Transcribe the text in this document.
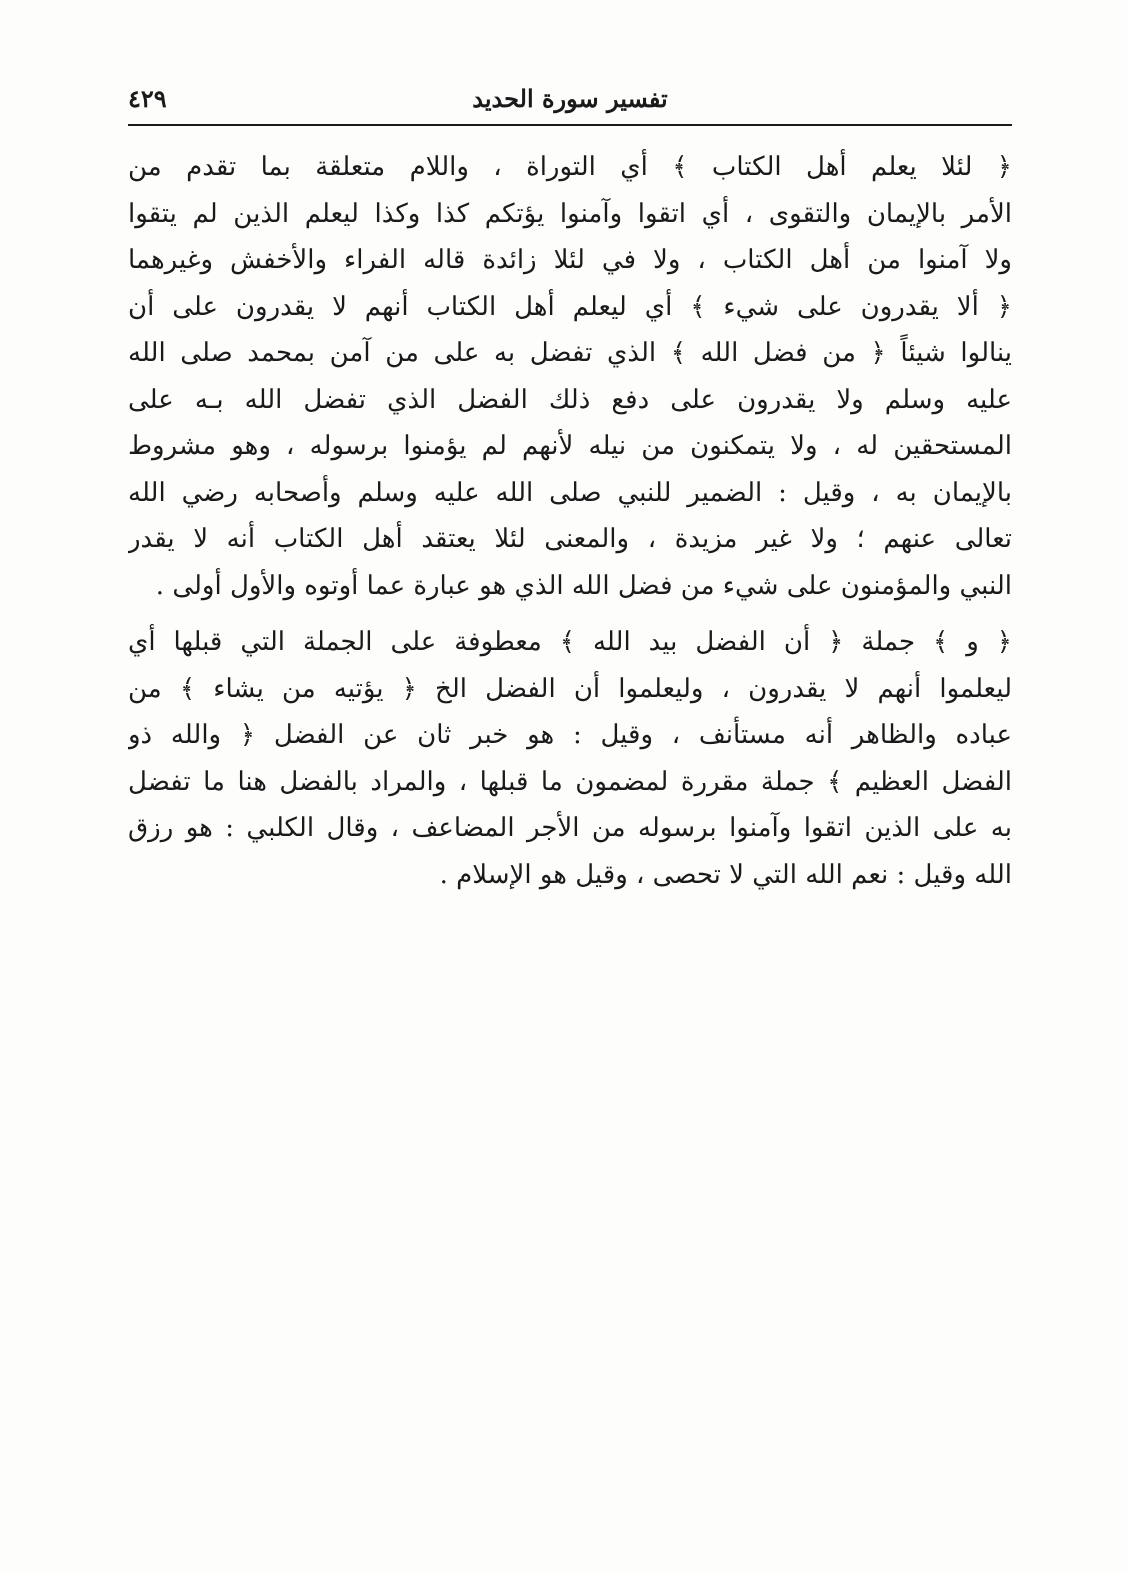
تفسير سورة الحديد
٤٢٩

﴿ لئلا يعلم أهل الكتاب ﴾ أي التوراة ، واللام متعلقة بما تقدم من
الأمر بالإيمان والتقوى ، أي اتقوا وآمنوا يؤتكم كذا وكذا ليعلم الذين لم يتقوا
ولا آمنوا من أهل الكتاب ، ولا في لئلا زائدة قاله الفراء والأخفش وغيرهما
﴿ ألا يقدرون على شيء ﴾ أي ليعلم أهل الكتاب أنهم لا يقدرون على أن
ينالوا شيئاً ﴿ من فضل الله ﴾ الذي تفضل به على من آمن بمحمد صلى الله
عليه وسلم ولا يقدرون على دفع ذلك الفضل الذي تفضل الله بـه على
المستحقين له ، ولا يتمكنون من نيله لأنهم لم يؤمنوا برسوله ، وهو مشروط
بالإيمان به ، وقيل : الضمير للنبي صلى الله عليه وسلم وأصحابه رضي الله
تعالى عنهم ؛ ولا غير مزيدة ، والمعنى لئلا يعتقد أهل الكتاب أنه لا يقدر
النبي والمؤمنون على شيء من فضل الله الذي هو عبارة عما أوتوه والأول أولى .

﴿ و ﴾ جملة ﴿ أن الفضل بيد الله ﴾ معطوفة على الجملة التي قبلها أي
ليعلموا أنهم لا يقدرون ، وليعلموا أن الفضل الخ ﴿ يؤتيه من يشاء ﴾ من
عباده والظاهر أنه مستأنف ، وقيل : هو خبر ثان عن الفضل ﴿ والله ذو
الفضل العظيم ﴾ جملة مقررة لمضمون ما قبلها ، والمراد بالفضل هنا ما تفضل
به على الذين اتقوا وآمنوا برسوله من الأجر المضاعف ، وقال الكلبي : هو رزق
الله وقيل : نعم الله التي لا تحصى ، وقيل هو الإسلام .
